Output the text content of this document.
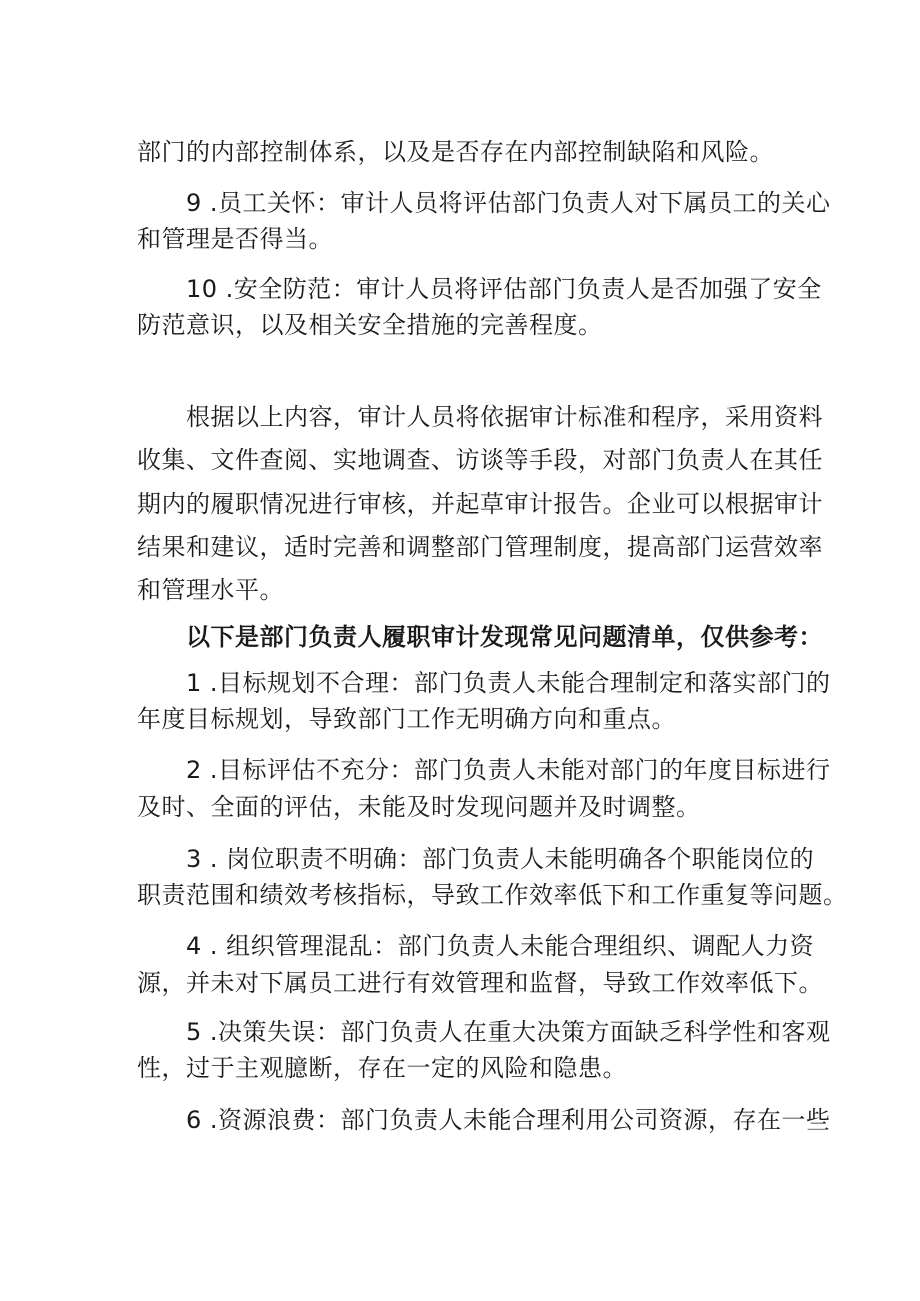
部门的内部控制体系，以及是否存在内部控制缺陷和风险。
9 .员工关怀：审计人员将评估部门负责人对下属员工的关心
和管理是否得当。
10 .安全防范：审计人员将评估部门负责人是否加强了安全
防范意识，以及相关安全措施的完善程度。
根据以上内容，审计人员将依据审计标准和程序，采用资料
收集、文件查阅、实地调查、访谈等手段，对部门负责人在其任
期内的履职情况进行审核，并起草审计报告。企业可以根据审计
结果和建议，适时完善和调整部门管理制度，提高部门运营效率
和管理水平。
以下是部门负责人履职审计发现常见问题清单，仅供参考：
1 .目标规划不合理：部门负责人未能合理制定和落实部门的
年度目标规划，导致部门工作无明确方向和重点。
2 .目标评估不充分：部门负责人未能对部门的年度目标进行
及时、全面的评估，未能及时发现问题并及时调整。
3 . 岗位职责不明确：部门负责人未能明确各个职能岗位的
职责范围和绩效考核指标，导致工作效率低下和工作重复等问题。
4 . 组织管理混乱：部门负责人未能合理组织、调配人力资
源，并未对下属员工进行有效管理和监督，导致工作效率低下。
5 .决策失误：部门负责人在重大决策方面缺乏科学性和客观
性，过于主观臆断，存在一定的风险和隐患。
6 .资源浪费：部门负责人未能合理利用公司资源，存在一些
